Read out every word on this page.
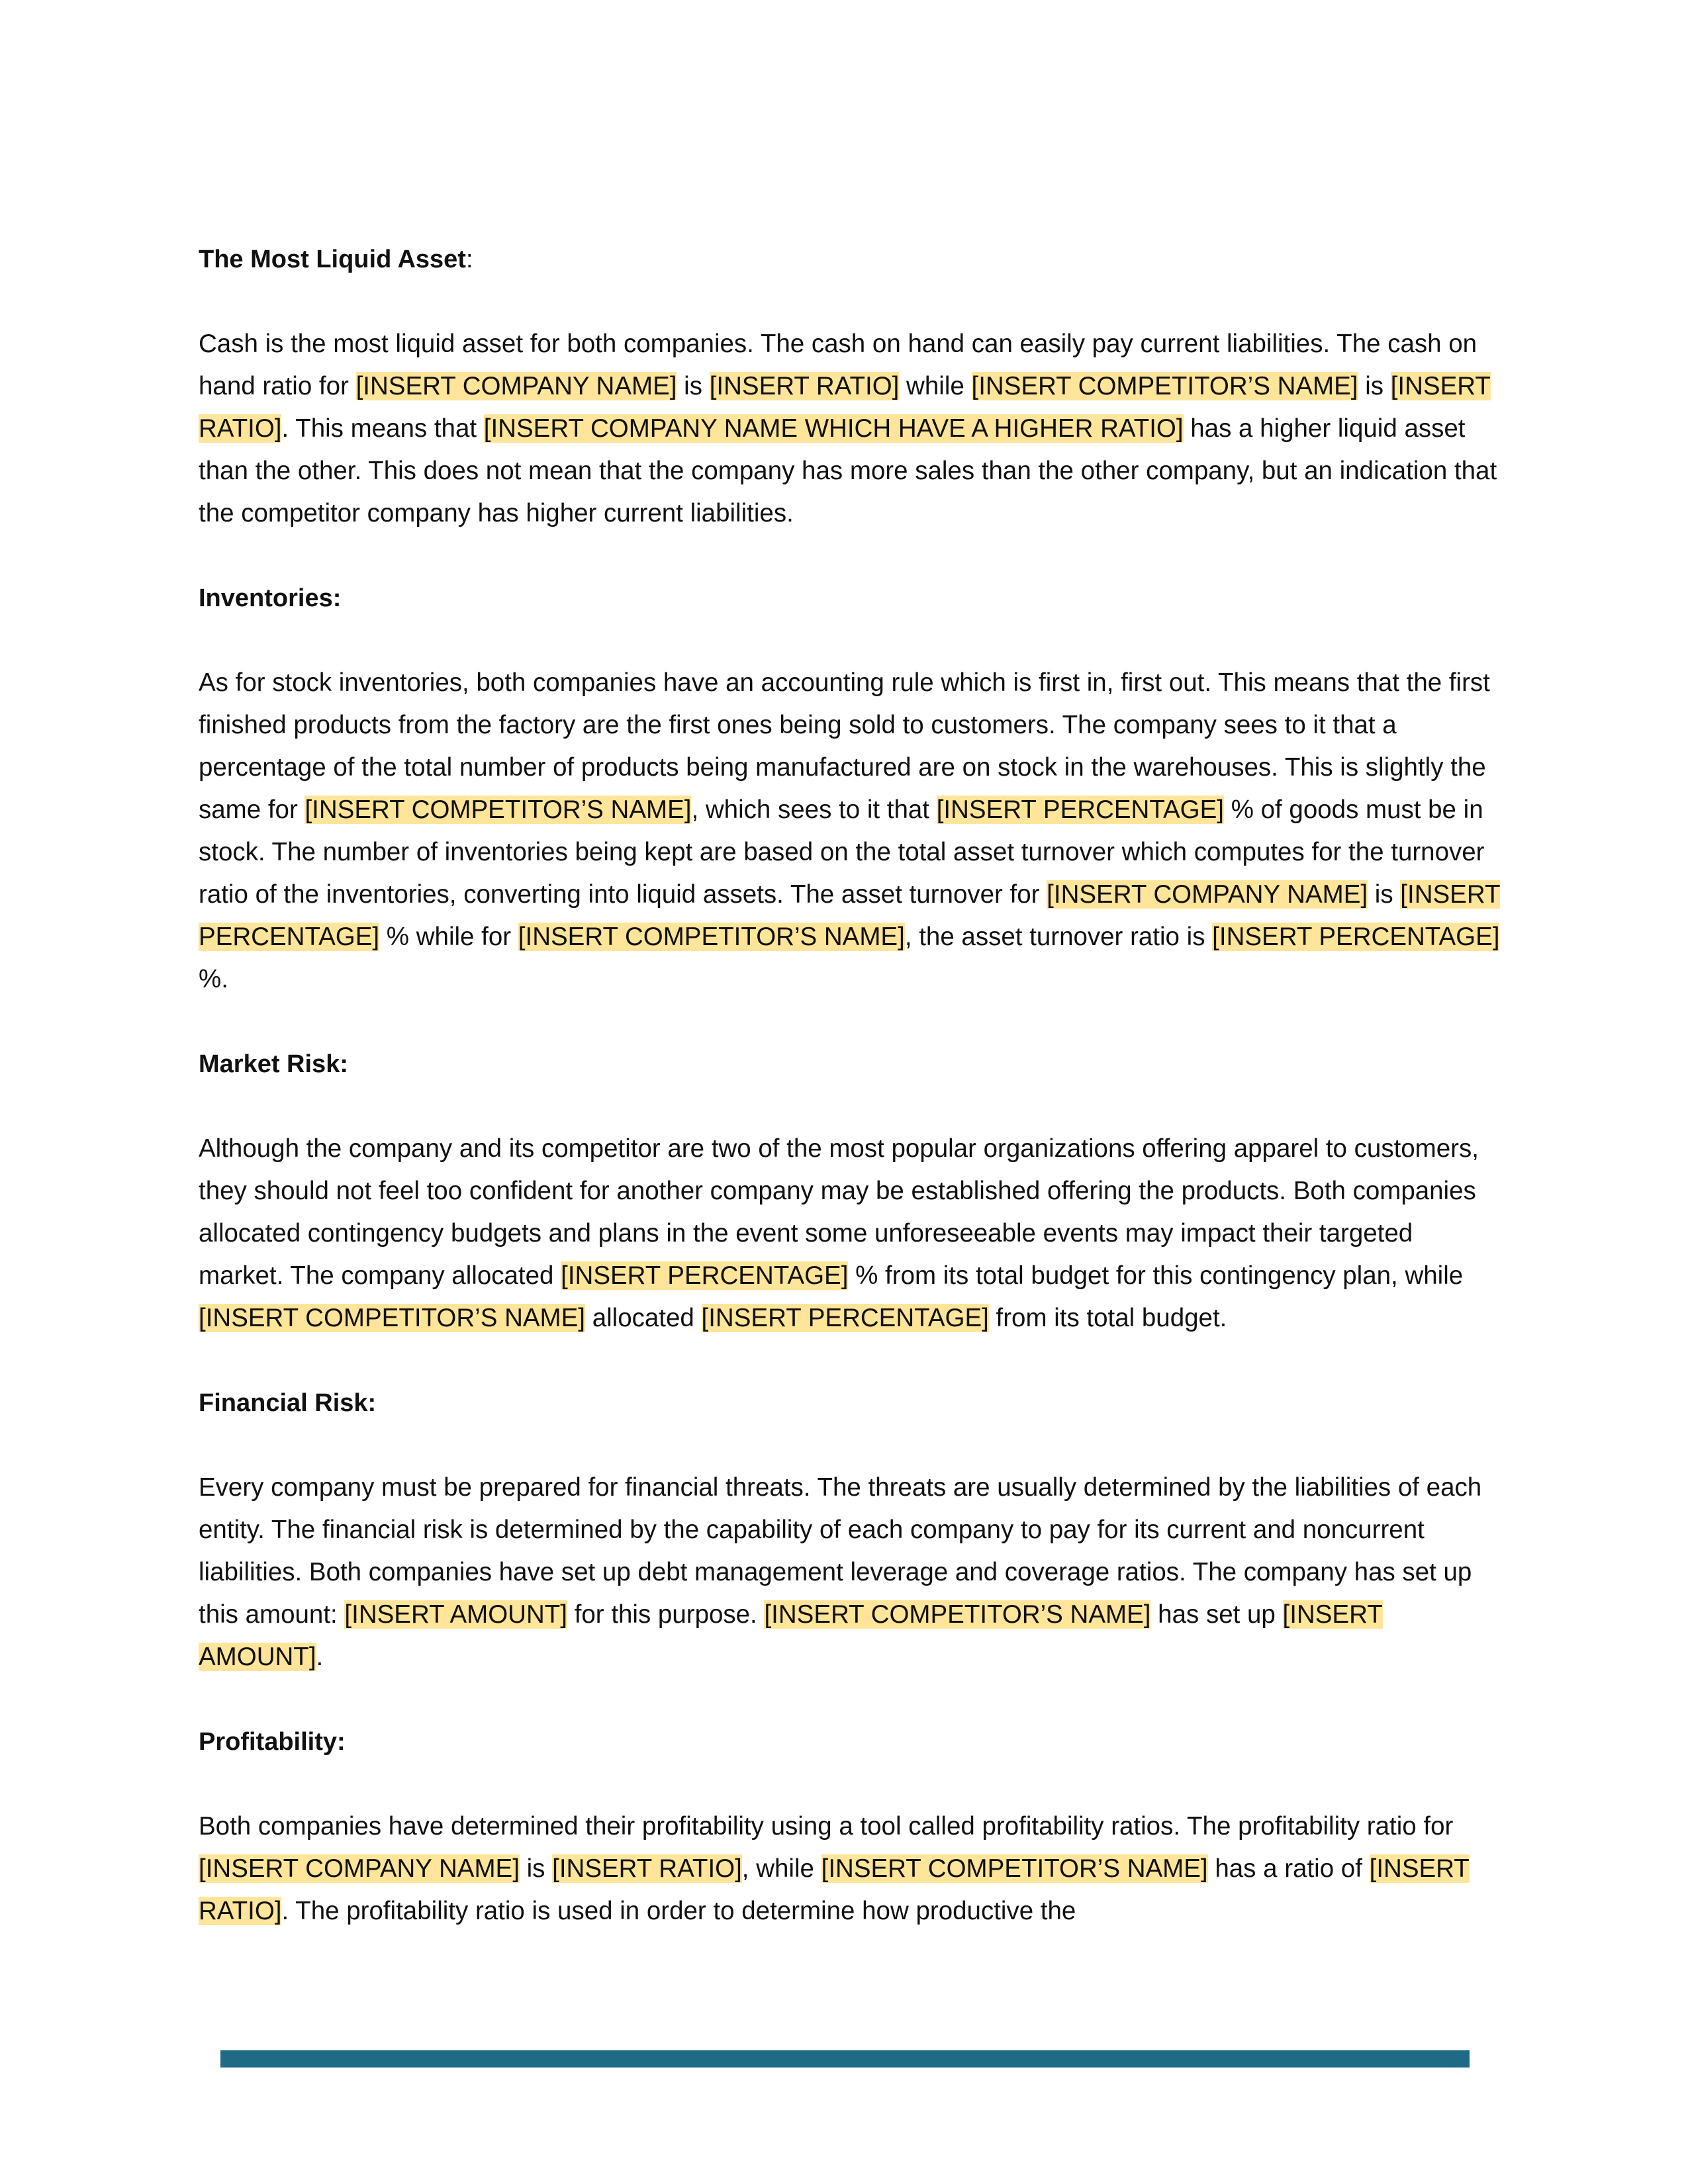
The Most Liquid Asset:

Cash is the most liquid asset for both companies. The cash on hand can easily pay current liabilities. The cash on hand ratio for [INSERT COMPANY NAME] is [INSERT RATIO] while [INSERT COMPETITOR’S NAME] is [INSERT RATIO]. This means that [INSERT COMPANY NAME WHICH HAVE A HIGHER RATIO] has a higher liquid asset than the other. This does not mean that the company has more sales than the other company, but an indication that the competitor company has higher current liabilities.

Inventories:

As for stock inventories, both companies have an accounting rule which is first in, first out. This means that the first finished products from the factory are the first ones being sold to customers. The company sees to it that a percentage of the total number of products being manufactured are on stock in the warehouses. This is slightly the same for [INSERT COMPETITOR’S NAME], which sees to it that [INSERT PERCENTAGE] % of goods must be in stock. The number of inventories being kept are based on the total asset turnover which computes for the turnover ratio of the inventories, converting into liquid assets. The asset turnover for [INSERT COMPANY NAME] is [INSERT PERCENTAGE] % while for [INSERT COMPETITOR’S NAME], the asset turnover ratio is [INSERT PERCENTAGE] %.

Market Risk:

Although the company and its competitor are two of the most popular organizations offering apparel to customers, they should not feel too confident for another company may be established offering the products. Both companies allocated contingency budgets and plans in the event some unforeseeable events may impact their targeted market. The company allocated [INSERT PERCENTAGE] % from its total budget for this contingency plan, while [INSERT COMPETITOR’S NAME] allocated [INSERT PERCENTAGE] from its total budget.

Financial Risk:

Every company must be prepared for financial threats. The threats are usually determined by the liabilities of each entity. The financial risk is determined by the capability of each company to pay for its current and noncurrent liabilities. Both companies have set up debt management leverage and coverage ratios. The company has set up this amount: [INSERT AMOUNT] for this purpose. [INSERT COMPETITOR’S NAME] has set up [INSERT AMOUNT].

Profitability:

Both companies have determined their profitability using a tool called profitability ratios. The profitability ratio for [INSERT COMPANY NAME] is [INSERT RATIO], while [INSERT COMPETITOR’S NAME] has a ratio of [INSERT RATIO]. The profitability ratio is used in order to determine how productive the
